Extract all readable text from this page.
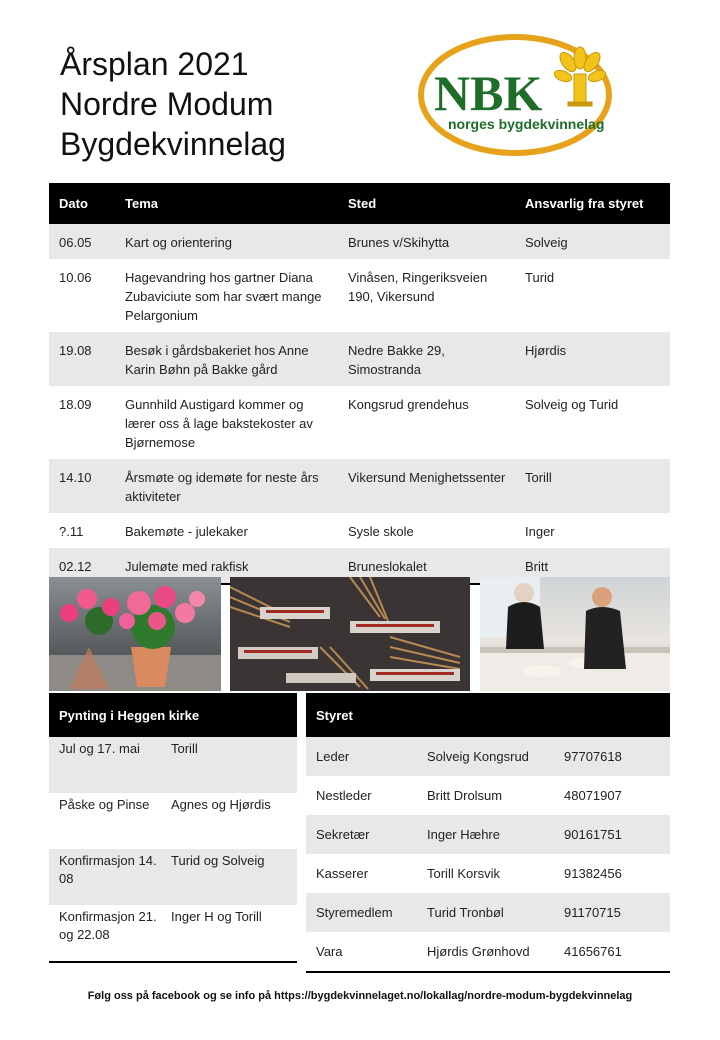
Årsplan 2021
Nordre Modum
Bygdekvinnelag
NBK
norges bygdekvinnelag
Dato	Tema	Sted	Ansvarlig fra styret
06.05	Kart og orientering	Brunes v/Skihytta	Solveig
10.06	Hagevandring hos gartner Diana Zubaviciute som har svært mange Pelargonium	Vinåsen, Ringeriksveien 190, Vikersund	Turid
19.08	Besøk i gårdsbakeriet hos Anne Karin Bøhn på Bakke gård	Nedre Bakke 29, Simostranda	Hjørdis
18.09	Gunnhild Austigard kommer og lærer oss å lage bakstekoster av Bjørnemose	Kongsrud grendehus	Solveig og Turid
14.10	Årsmøte og idemøte for neste års aktiviteter	Vikersund Menighetssenter	Torill
?.11	Bakemøte - julekaker	Sysle skole	Inger
02.12	Julemøte med rakfisk	Bruneslokalet	Britt
Pynting i Heggen kirke	
Jul og 17. mai	Torill
Påske og Pinse	Agnes og Hjørdis
Konfirmasjon 14. 08	Turid og Solveig
Konfirmasjon 21. og 22.08	Inger H og Torill
Styret		
Leder	Solveig Kongsrud	97707618
Nestleder	Britt Drolsum	48071907
Sekretær	Inger Hæhre	90161751
Kasserer	Torill Korsvik	91382456
Styremedlem	Turid Tronbøl	91170715
Vara	Hjørdis Grønhovd	41656761
Følg oss på facebook og se info på https://bygdekvinnelaget.no/lokallag/nordre-modum-bygdekvinnelag
